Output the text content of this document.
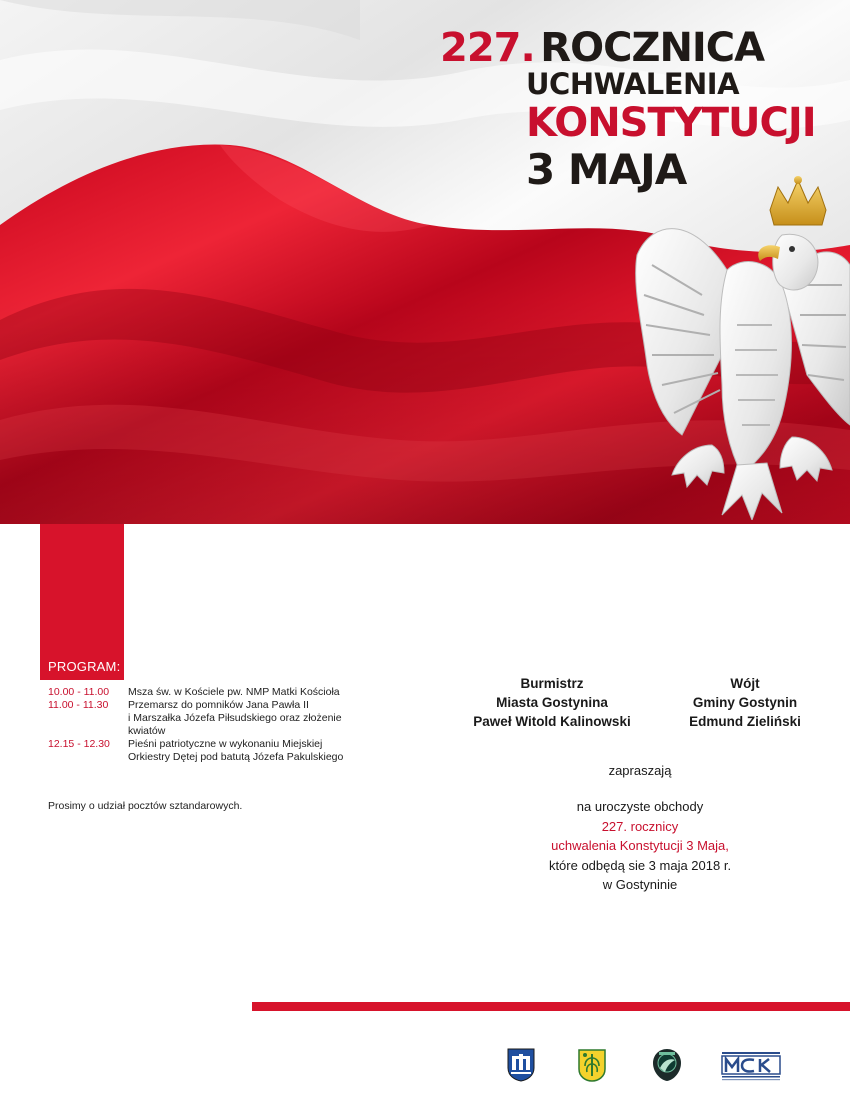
227. ROCZNICA
UCHWALENIA
KONSTYTUCJI
3 MAJA
PROGRAM:
10.00 - 11.00	Msza św. w Kościele pw. NMP Matki Kościoła
11.00 - 11.30	Przemarsz do pomników Jana Pawła II
i Marszałka Józefa Piłsudskiego oraz złożenie
kwiatów
12.15 - 12.30	Pieśni patriotyczne w wykonaniu Miejskiej
Orkiestry Dętej pod batutą Józefa Pakulskiego
Prosimy o udział pocztów sztandarowych.
Burmistrz
Miasta Gostynina
Paweł Witold Kalinowski
Wójt
Gminy Gostynin
Edmund Zieliński
zapraszają
na uroczyste obchody
227. rocznicy
uchwalenia Konstytucji 3 Maja,
które odbędą sie 3 maja 2018 r.
w Gostyninie
